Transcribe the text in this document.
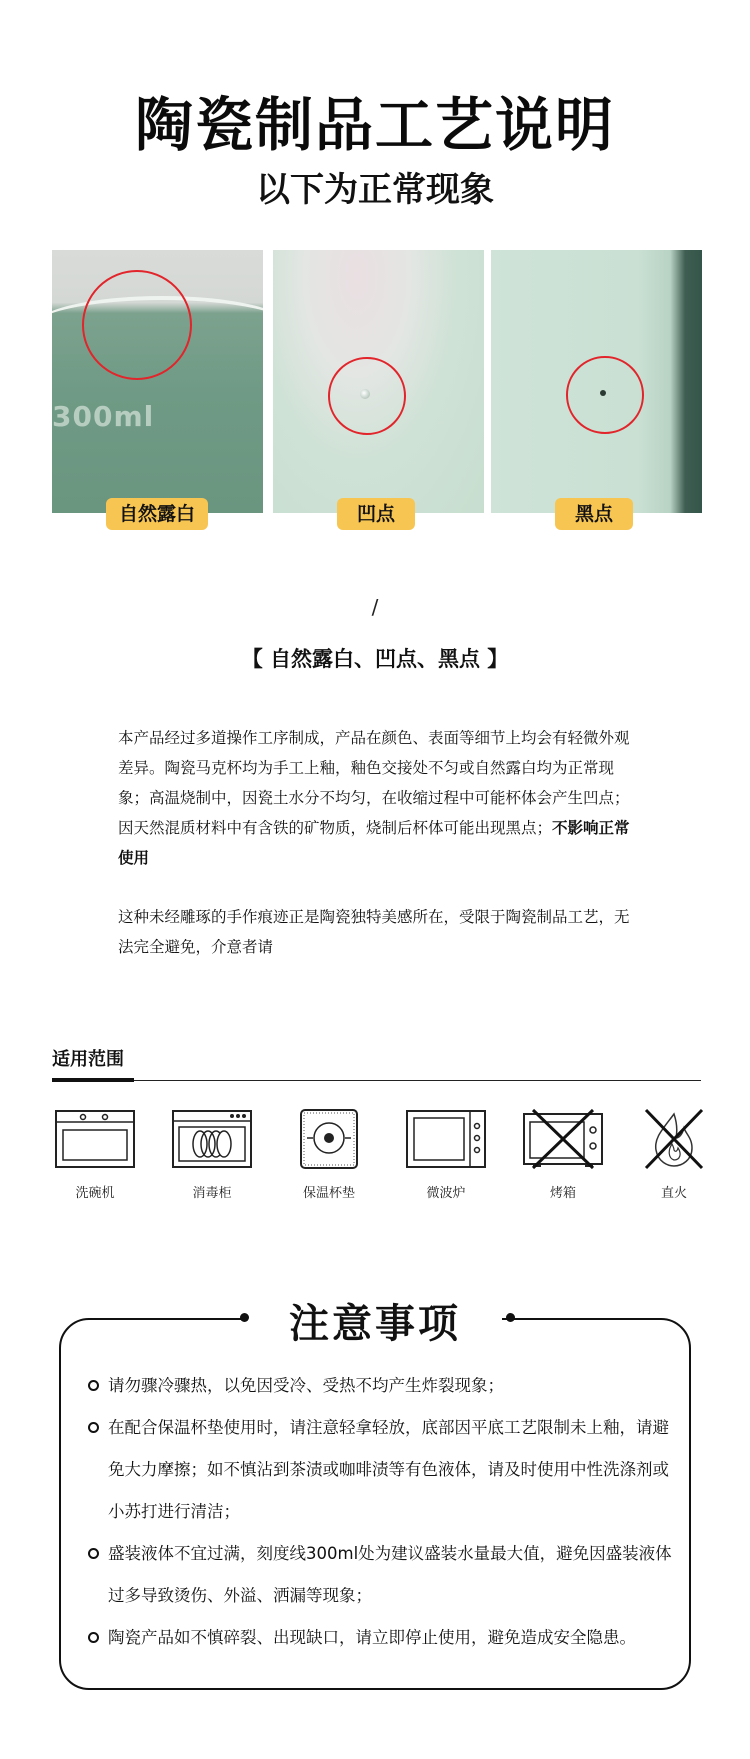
陶瓷制品工艺说明
以下为正常现象
300ml
自然露白	凹点	黑点
/
【 自然露白、凹点、黑点 】
本产品经过多道操作工序制成，产品在颜色、表面等细节上均会有轻微外观差异。陶瓷马克杯均为手工上釉，釉色交接处不匀或自然露白均为正常现象；高温烧制中，因瓷土水分不均匀，在收缩过程中可能杯体会产生凹点；因天然混质材料中有含铁的矿物质，烧制后杯体可能出现黑点；不影响正常使用
这种未经雕琢的手作痕迹正是陶瓷独特美感所在，受限于陶瓷制品工艺，无法完全避免，介意者请
适用范围
洗碗机	消毒柜	保温杯垫	微波炉	烤箱	直火
注意事项
请勿骤冷骤热，以免因受冷、受热不均产生炸裂现象；
在配合保温杯垫使用时，请注意轻拿轻放，底部因平底工艺限制未上釉，请避免大力摩擦；如不慎沾到茶渍或咖啡渍等有色液体，请及时使用中性洗涤剂或小苏打进行清洁；
盛装液体不宜过满，刻度线300ml处为建议盛装水量最大值，避免因盛装液体过多导致烫伤、外溢、洒漏等现象；
陶瓷产品如不慎碎裂、出现缺口，请立即停止使用，避免造成安全隐患。
